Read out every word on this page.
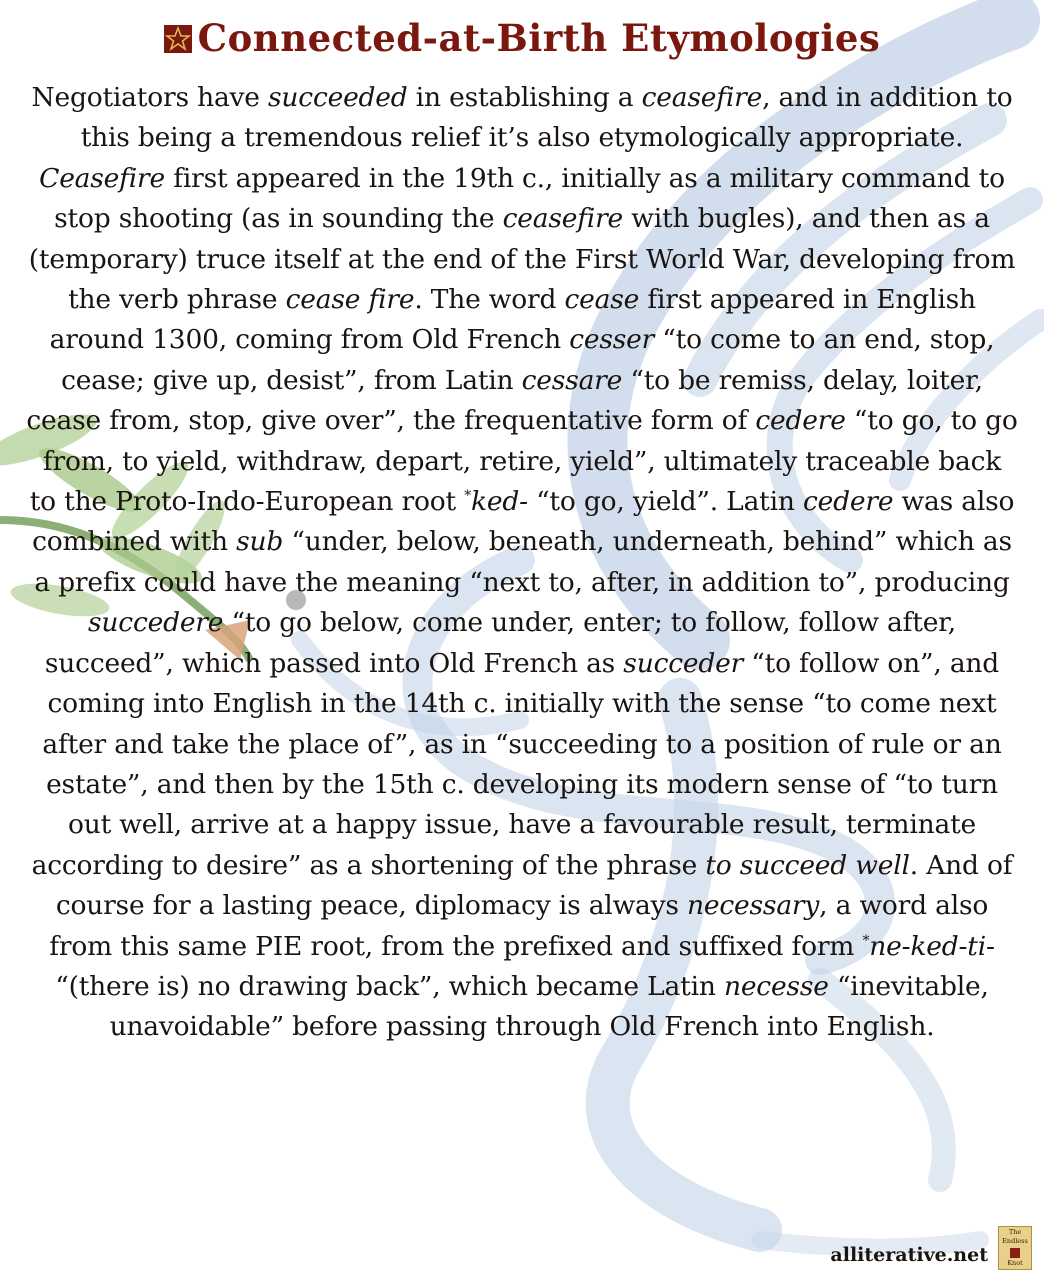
Connected-at-Birth Etymologies
Negotiators have succeeded in establishing a ceasefire, and in addition to this being a tremendous relief it’s also etymologically appropriate. Ceasefire first appeared in the 19th c., initially as a military command to stop shooting (as in sounding the ceasefire with bugles), and then as a (temporary) truce itself at the end of the First World War, developing from the verb phrase cease fire. The word cease first appeared in English around 1300, coming from Old French cesser “to come to an end, stop, cease; give up, desist”, from Latin cessare “to be remiss, delay, loiter, cease from, stop, give over”, the frequentative form of cedere “to go, to go from, to yield, withdraw, depart, retire, yield”, ultimately traceable back to the Proto-Indo-European root *ked- “to go, yield”. Latin cedere was also combined with sub “under, below, beneath, underneath, behind” which as a prefix could have the meaning “next to, after, in addition to”, producing succedere “to go below, come under, enter; to follow, follow after, succeed”, which passed into Old French as succeder “to follow on”, and coming into English in the 14th c. initially with the sense “to come next after and take the place of”, as in “succeeding to a position of rule or an estate”, and then by the 15th c. developing its modern sense of “to turn out well, arrive at a happy issue, have a favourable result, terminate according to desire” as a shortening of the phrase to succeed well. And of course for a lasting peace, diplomacy is always necessary, a word also from this same PIE root, from the prefixed and suffixed form *ne-ked-ti- “(there is) no drawing back”, which became Latin necesse “inevitable, unavoidable” before passing through Old French into English.
alliterative.net
The
Endless
Knot
